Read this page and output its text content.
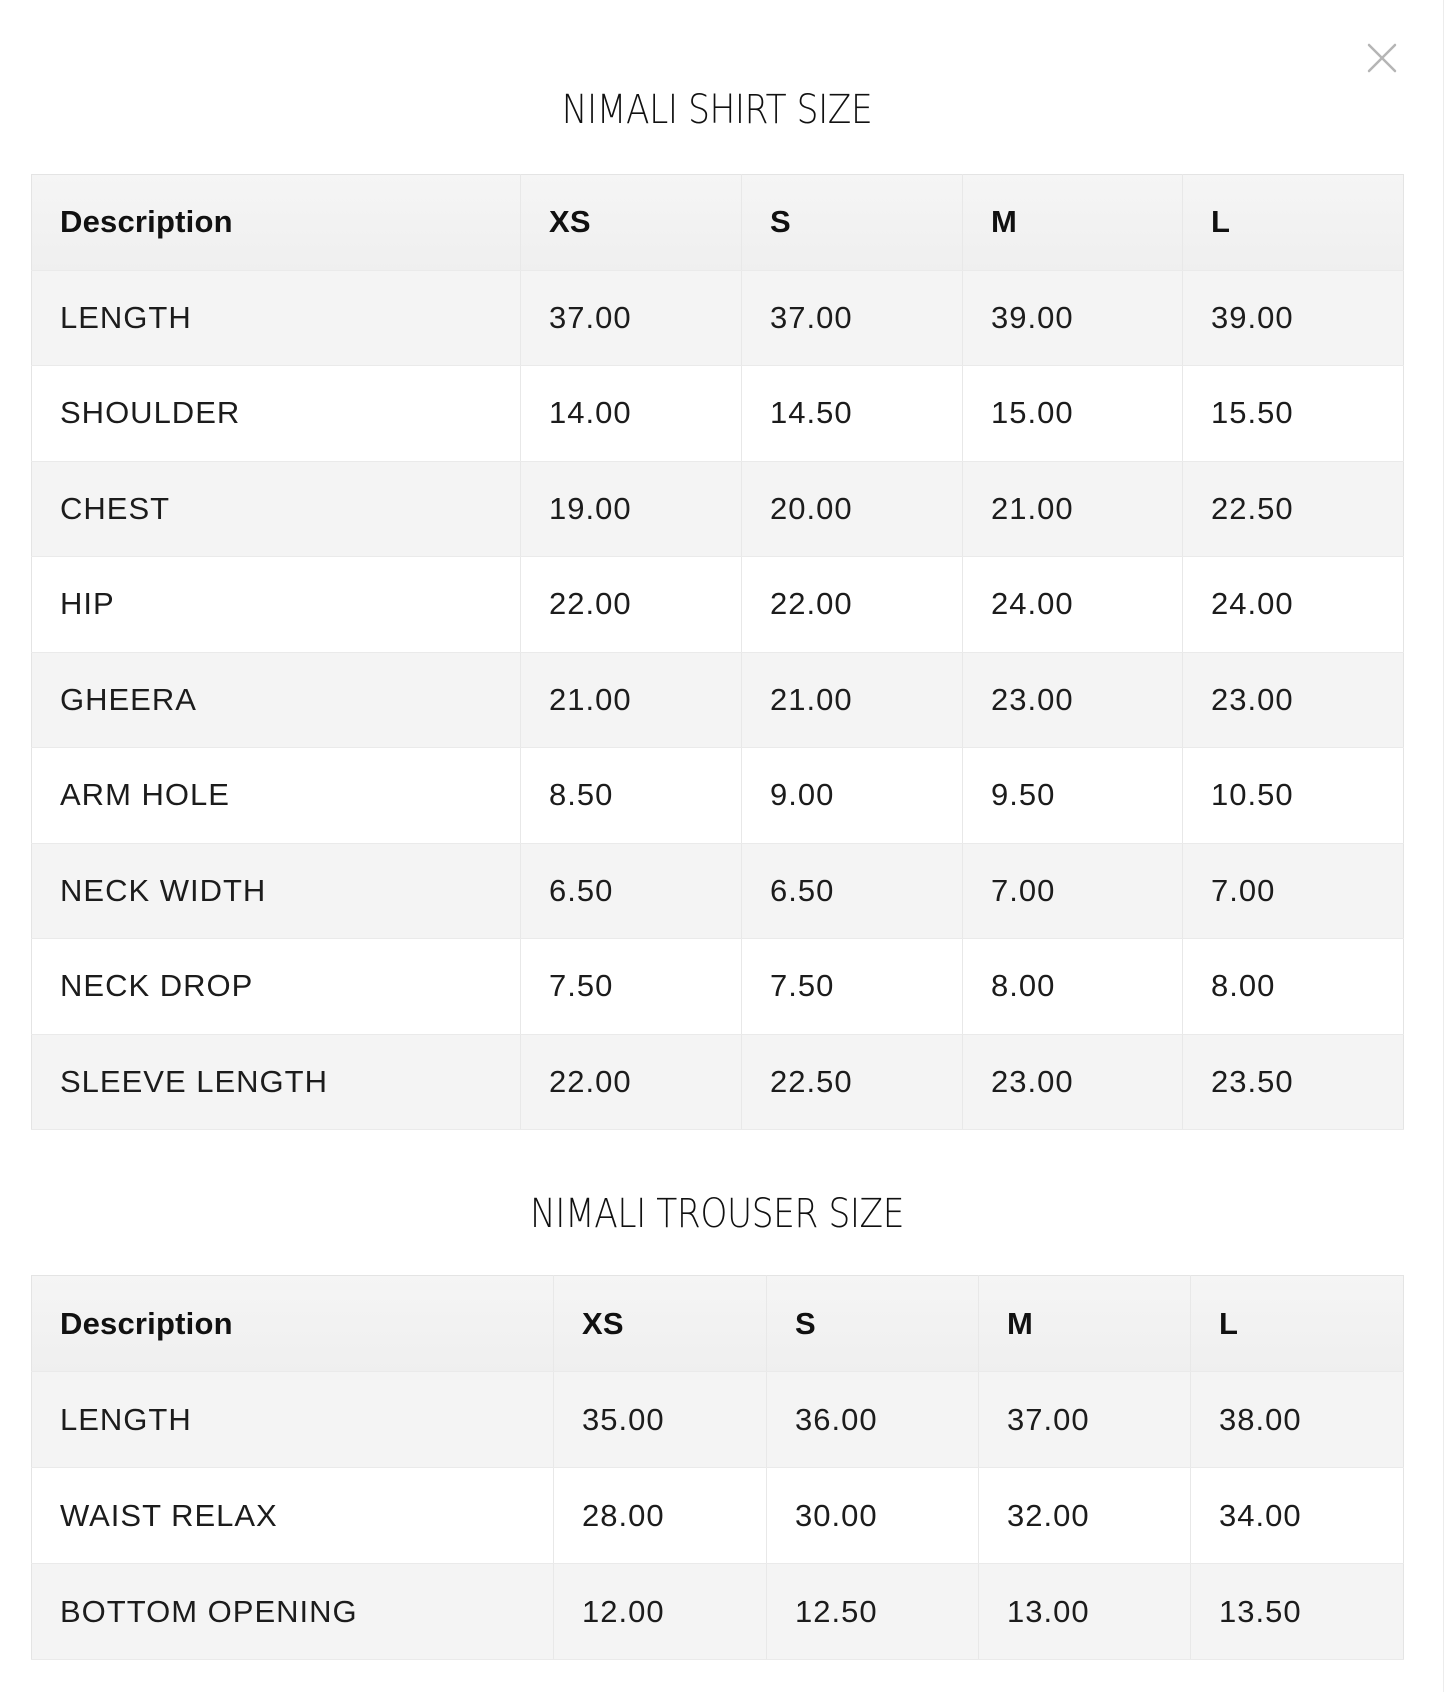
NIMALI SHIRT SIZE
Description	XS	S	M	L
LENGTH	37.00	37.00	39.00	39.00
SHOULDER	14.00	14.50	15.00	15.50
CHEST	19.00	20.00	21.00	22.50
HIP	22.00	22.00	24.00	24.00
GHEERA	21.00	21.00	23.00	23.00
ARM HOLE	8.50	9.00	9.50	10.50
NECK WIDTH	6.50	6.50	7.00	7.00
NECK DROP	7.50	7.50	8.00	8.00
SLEEVE LENGTH	22.00	22.50	23.00	23.50
NIMALI TROUSER SIZE
Description	XS	S	M	L
LENGTH	35.00	36.00	37.00	38.00
WAIST RELAX	28.00	30.00	32.00	34.00
BOTTOM OPENING	12.00	12.50	13.00	13.50
